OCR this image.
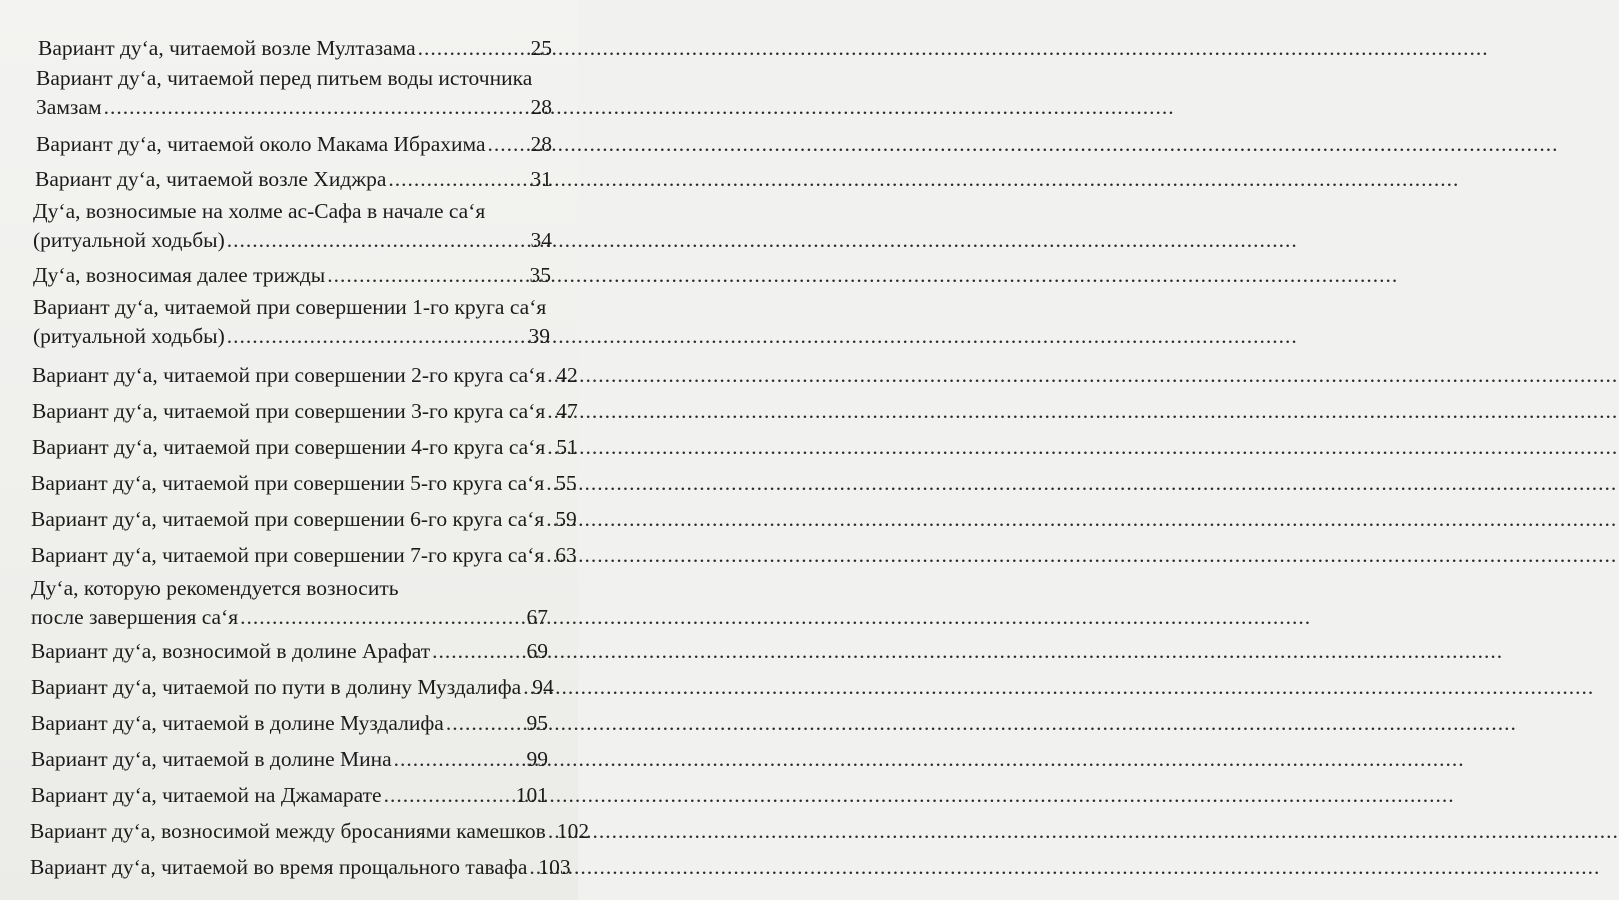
Вариант ду‘а, читаемой возле Мултазама .....	25
Вариант ду‘а, читаемой перед питьем воды источника
Замзам .....	28
Вариант ду‘а, читаемой около Макама Ибрахима ..... 28
Вариант ду‘а, читаемой возле Хиджра .....	31
Ду‘а, возносимые на холме ас-Сафа в начале са‘я
(ритуальной ходьбы) .....	34
Ду‘а, возносимая далее трижды .....	35
Вариант ду‘а, читаемой при совершении 1-го круга са‘я
(ритуальной ходьбы) .....	39
Вариант ду‘а, читаемой при совершении 2-го круга са‘я ..... 42
Вариант ду‘а, читаемой при совершении 3-го круга са‘я ..... 47
Вариант ду‘а, читаемой при совершении 4-го круга са‘я ..... 51
Вариант ду‘а, читаемой при совершении 5-го круга са‘я ..... 55
Вариант ду‘а, читаемой при совершении 6-го круга са‘я ..... 59
Вариант ду‘а, читаемой при совершении 7-го круга са‘я ..... 63
Ду‘а, которую рекомендуется возносить
после завершения са‘я .....	67
Вариант ду‘а, возносимой в долине Арафат .....	69
Вариант ду‘а, читаемой по пути в долину Муздалифа ..... 94
Вариант ду‘а, читаемой в долине Муздалифа .....	95
Вариант ду‘а, читаемой в долине Мина .....	99
Вариант ду‘а, читаемой на Джамарате .....	101
Вариант ду‘а, возносимой между бросаниями камешков ..... 102
Вариант ду‘а, читаемой во время прощального тавафа ..... 103
